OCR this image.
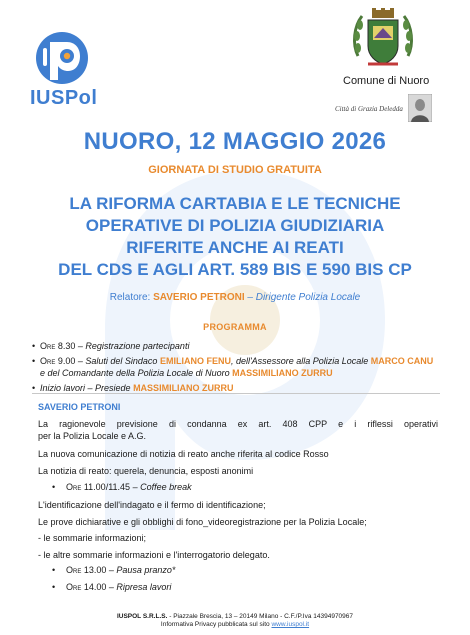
IUSPol
Comune di Nuoro
Città di Grazia Deledda
NUORO, 12 MAGGIO 2026
GIORNATA DI STUDIO GRATUITA
LA RIFORMA CARTABIA E LE TECNICHE
OPERATIVE DI POLIZIA GIUDIZIARIA
RIFERITE ANCHE AI REATI
DEL CDS E AGLI ART. 589 BIS E 590 BIS CP
Relatore: SAVERIO PETRONI – Dirigente Polizia Locale
PROGRAMMA
• Ore 8.30 – Registrazione partecipanti
• Ore 9.00 – Saluti del Sindaco EMILIANO FENU, dell'Assessore alla Polizia Locale MARCO CANU
e del Comandante della Polizia Locale di Nuoro MASSIMILIANO ZURRU
• Inizio lavori – Presiede MASSIMILIANO ZURRU
SAVERIO PETRONI
La ragionevole previsione di condanna ex art. 408 CPP e i riflessi operativi
per la Polizia Locale e A.G.
La nuova comunicazione di notizia di reato anche riferita al codice Rosso
La notizia di reato: querela, denuncia, esposti anonimi
• Ore 11.00/11.45 – Coffee break
L'identificazione dell'indagato e il fermo di identificazione;
Le prove dichiarative e gli obblighi di fono_videoregistrazione per la Polizia Locale;
- le sommarie informazioni;
- le altre sommarie informazioni e l'interrogatorio delegato.
• Ore 13.00 – Pausa pranzo*
• Ore 14.00 – Ripresa lavori
IUSPOL S.R.L.S. - Piazzale Brescia, 13 – 20149 Milano - C.F./P.Iva 14394970967
Informativa Privacy pubblicata sul sito www.iuspol.it
